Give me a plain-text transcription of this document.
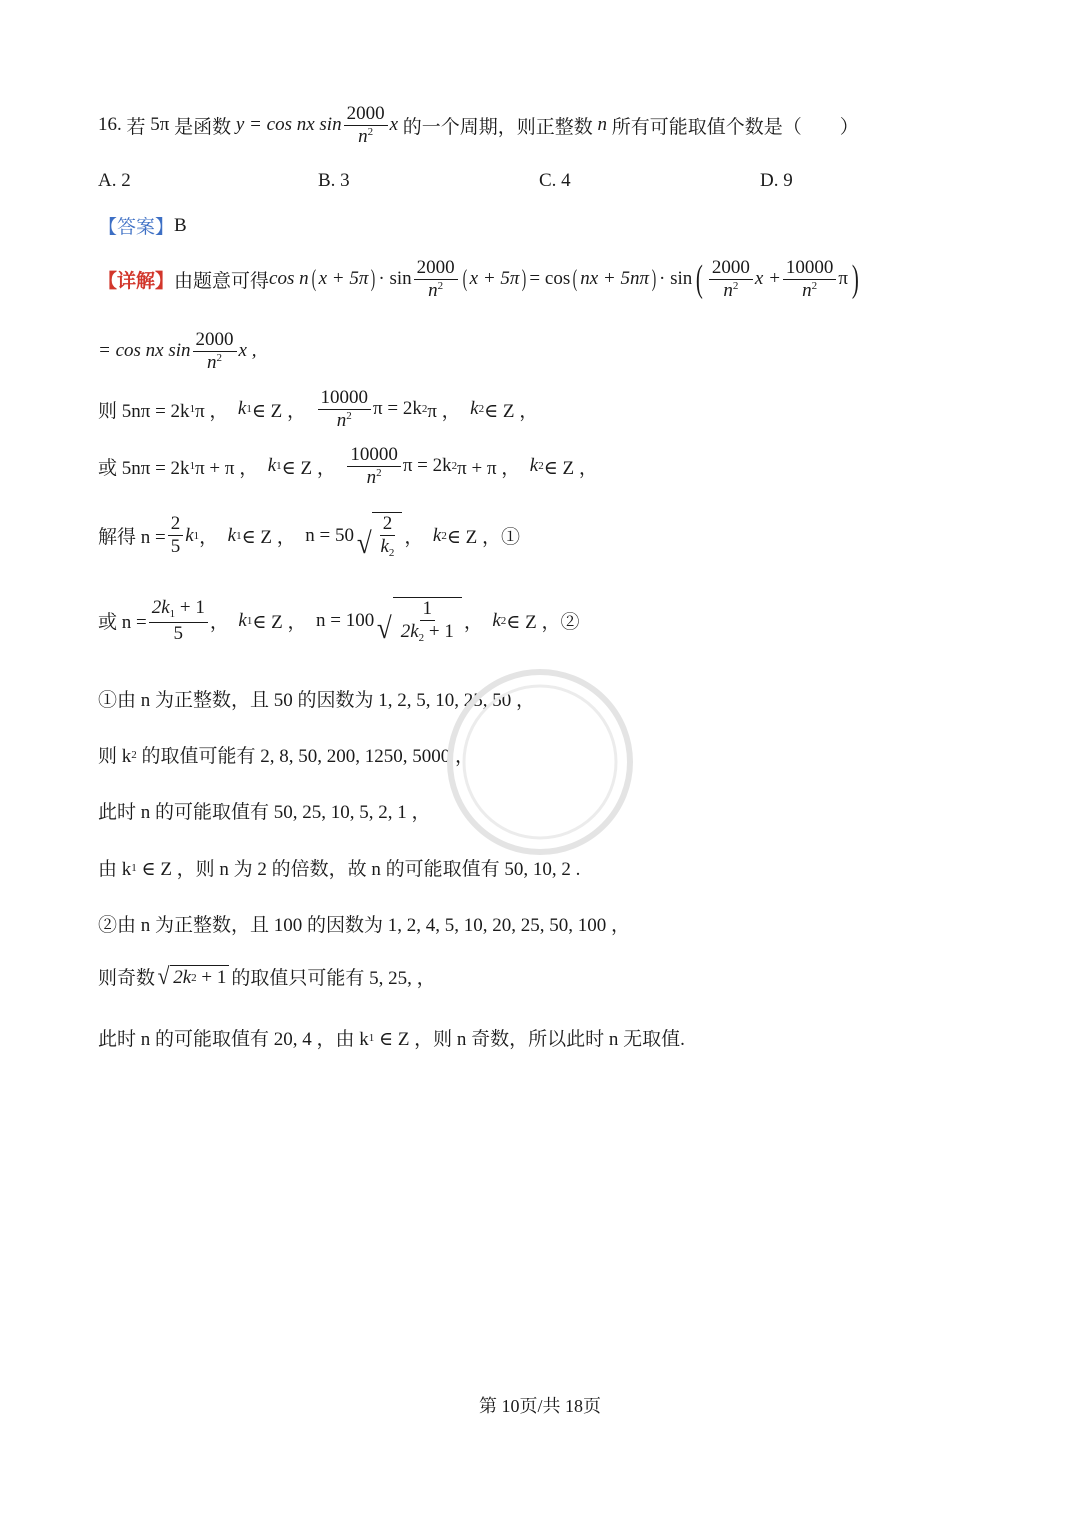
16.
若
5π
是函数
y = cos nx $\sin \frac{2000}{n^2}$ x
的一个周期，则正整数
n
所有可能取值个数是（　　）
A. 2	B. 3	C. 4	D. 9
【答案】 B
【详解】 由题意可得 cos n ( x + 5π ) · $\sin \frac{2000}{n^2}$ ( x + 5π ) = cos ( nx + 5nπ ) · sin ( $\frac{2000}{n^2}$ $x + \frac{10000}{n^2}$ π )
= cos nx $\sin \frac{2000}{n^2}$ x ,
则 5nπ = 2k 1 π ，
k 1 ∈ Z ，
$\frac{10000}{n^2}$ π = 2k 2 π ，
k 2 ∈ Z ，
或 5nπ = 2k 1 π + π ，
k 1 ∈ Z ，
$\frac{10000}{n^2}$ π = 2k 2 π + π ，
k 2 ∈ Z ，
解得 $n = \frac{2}{5}$ k 1 ，
k 1 ∈ Z ，
n = 50 √ $\frac{2}{k_2}$ ，
k 2 ∈ Z ，①
或 $n = \frac{2k_1 + 1}{5}$ ，
k 1 ∈ Z ，
n = 100 √ $\frac{1}{2k_2 + 1}$ ，
k 2 ∈ Z ，②
①由 n 为正整数，且 50 的因数为 1, 2, 5, 10, 25, 50 ，
则 k 2
的取值可能有 2, 8, 50, 200, 1250, 5000 ，
此时 n 的可能取值有 50, 25, 10, 5, 2, 1 ，
由 k 1
∈ Z ，则 n 为 2 的倍数，故 n 的可能取值有 50, 10, 2 .
②由 n 为正整数，且 100 的因数为 1, 2, 4, 5, 10, 20, 25, 50, 100 ，
则奇数 √ 2k 2
+ 1 的取值只可能有 5, 25, ，
此时 n 的可能取值有 20, 4 ，由 k 1
∈ Z ，则 n 奇数，所以此时 n 无取值.
第 10页/共 18页
